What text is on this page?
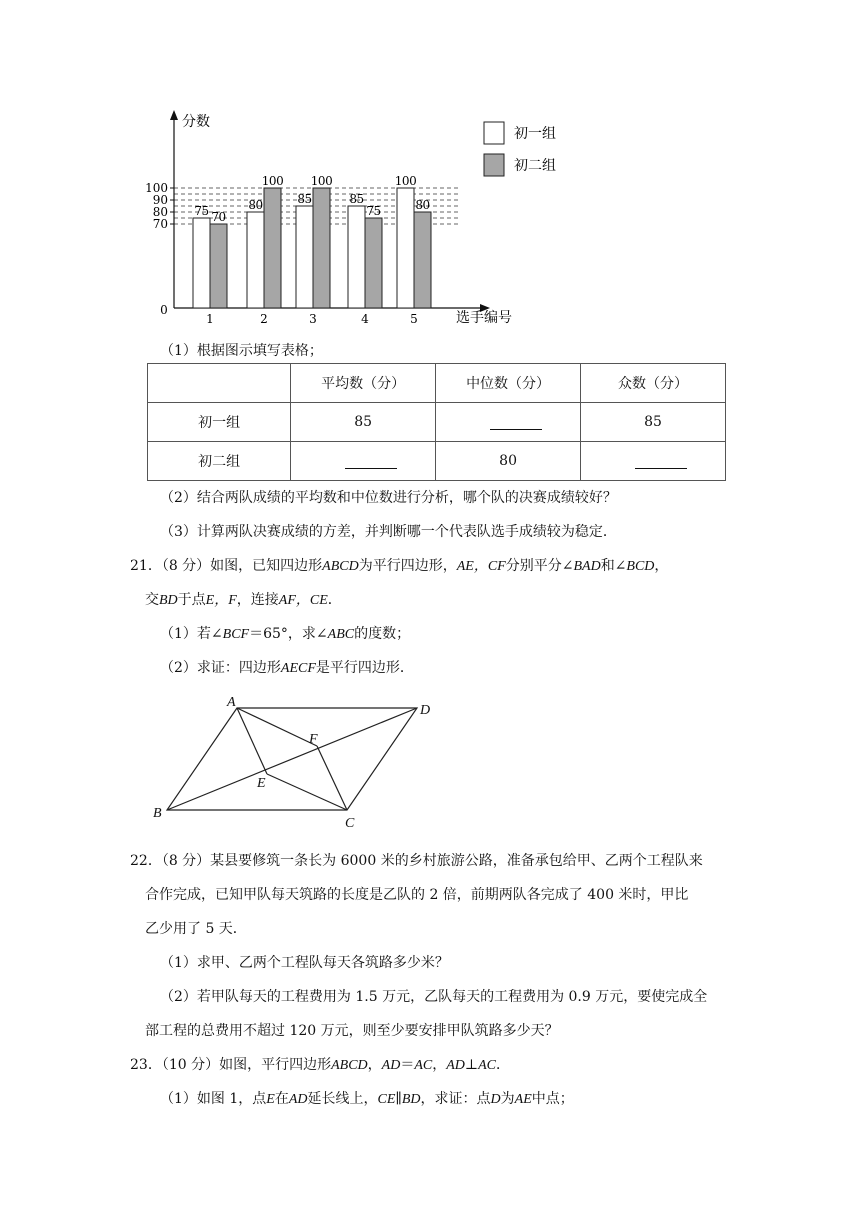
70
80
90
100
0
分数
选手编号
75 70
1
80
100
2
85
100
3
85
75
4
100
80
5
初一组
初二组
（1）根据图示填写表格；
	平均数（分）	中位数（分）	众数（分）
初一组	85		85
初二组		80	
（2）结合两队成绩的平均数和中位数进行分析，哪个队的决赛成绩较好？
（3）计算两队决赛成绩的方差，并判断哪一个代表队选手成绩较为稳定．
21．（8 分）如图，已知四边形ABCD为平行四边形，AE，CF分别平分∠BAD和∠BCD，
交BD于点E，F，连接AF，CE．
（1）若∠BCF＝65°，求∠ABC的度数；
（2）求证：四边形AECF是平行四边形．
A
D
B
C
E
F
22．（8 分）某县要修筑一条长为 6000 米的乡村旅游公路，准备承包给甲、乙两个工程队来
合作完成，已知甲队每天筑路的长度是乙队的 2 倍，前期两队各完成了 400 米时，甲比
乙少用了 5 天．
（1）求甲、乙两个工程队每天各筑路多少米？
（2）若甲队每天的工程费用为 1.5 万元，乙队每天的工程费用为 0.9 万元，要使完成全
部工程的总费用不超过 120 万元，则至少要安排甲队筑路多少天？
23．（10 分）如图，平行四边形ABCD，AD＝AC，AD⊥AC．
（1）如图 1，点E在AD延长线上，CE∥BD，求证：点D为AE中点；
